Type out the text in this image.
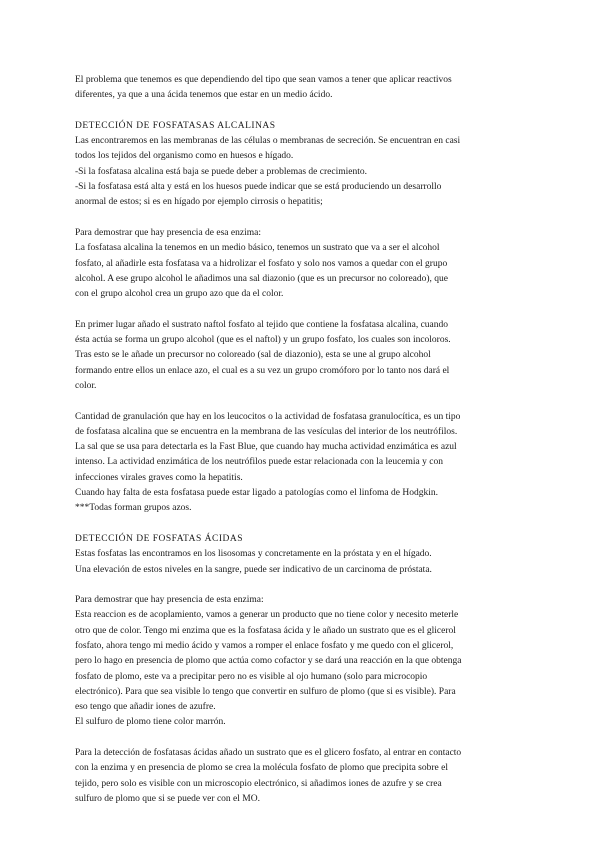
El problema que tenemos es que dependiendo del tipo que sean vamos a tener que aplicar reactivos
diferentes, ya que a una ácida tenemos que estar en un medio ácido.
DETECCIÓN DE FOSFATASAS ALCALINAS
Las encontraremos en las membranas de las células o membranas de secreción. Se encuentran en casi
todos los tejidos del organismo como en huesos e hígado.
-Si la fosfatasa alcalina está baja se puede deber a problemas de crecimiento.
-Si la fosfatasa está alta y está en los huesos puede indicar que se está produciendo un desarrollo
anormal de estos; si es en hígado por ejemplo cirrosis o hepatitis;
Para demostrar que hay presencia de esa enzima:
La fosfatasa alcalina la tenemos en un medio básico, tenemos un sustrato que va a ser el alcohol
fosfato, al añadirle esta fosfatasa va a hidrolizar el fosfato y solo nos vamos a quedar con el grupo
alcohol. A ese grupo alcohol le añadimos una sal diazonio (que es un precursor no coloreado), que
con el grupo alcohol crea un grupo azo que da el color.
En primer lugar añado el sustrato naftol fosfato al tejido que contiene la fosfatasa alcalina, cuando
ésta actúa se forma un grupo alcohol (que es el naftol) y un grupo fosfato, los cuales son incoloros.
Tras esto se le añade un precursor no coloreado (sal de diazonio), esta se une al grupo alcohol
formando entre ellos un enlace azo, el cual es a su vez un grupo cromóforo por lo tanto nos dará el
color.
Cantidad de granulación que hay en los leucocitos o la actividad de fosfatasa granulocítica, es un tipo
de fosfatasa alcalina que se encuentra en la membrana de las vesículas del interior de los neutrófilos.
La sal que se usa para detectarla es la Fast Blue, que cuando hay mucha actividad enzimática es azul
intenso. La actividad enzimática de los neutrófilos puede estar relacionada con la leucemia y con
infecciones virales graves como la hepatitis.
Cuando hay falta de esta fosfatasa puede estar ligado a patologías como el linfoma de Hodgkin.
***Todas forman grupos azos.
DETECCIÓN DE FOSFATAS ÁCIDAS
Estas fosfatas las encontramos en los lisosomas y concretamente en la próstata y en el hígado.
Una elevación de estos niveles en la sangre, puede ser indicativo de un carcinoma de próstata.
Para demostrar que hay presencia de esta enzima:
Esta reaccion es de acoplamiento, vamos a generar un producto que no tiene color y necesito meterle
otro que de color. Tengo mi enzima que es la fosfatasa ácida y le añado un sustrato que es el glicerol
fosfato, ahora tengo mi medio ácido y vamos a romper el enlace fosfato y me quedo con el glicerol,
pero lo hago en presencia de plomo que actúa como cofactor y se dará una reacción en la que obtenga
fosfato de plomo, este va a precipitar pero no es visible al ojo humano (solo para microcopio
electrónico). Para que sea visible lo tengo que convertir en sulfuro de plomo (que si es visible). Para
eso tengo que añadir iones de azufre.
El sulfuro de plomo tiene color marrón.
Para la detección de fosfatasas ácidas añado un sustrato que es el glicero fosfato, al entrar en contacto
con la enzima y en presencia de plomo se crea la molécula fosfato de plomo que precipita sobre el
tejido, pero solo es visible con un microscopio electrónico, si añadimos iones de azufre y se crea
sulfuro de plomo que si se puede ver con el MO.
